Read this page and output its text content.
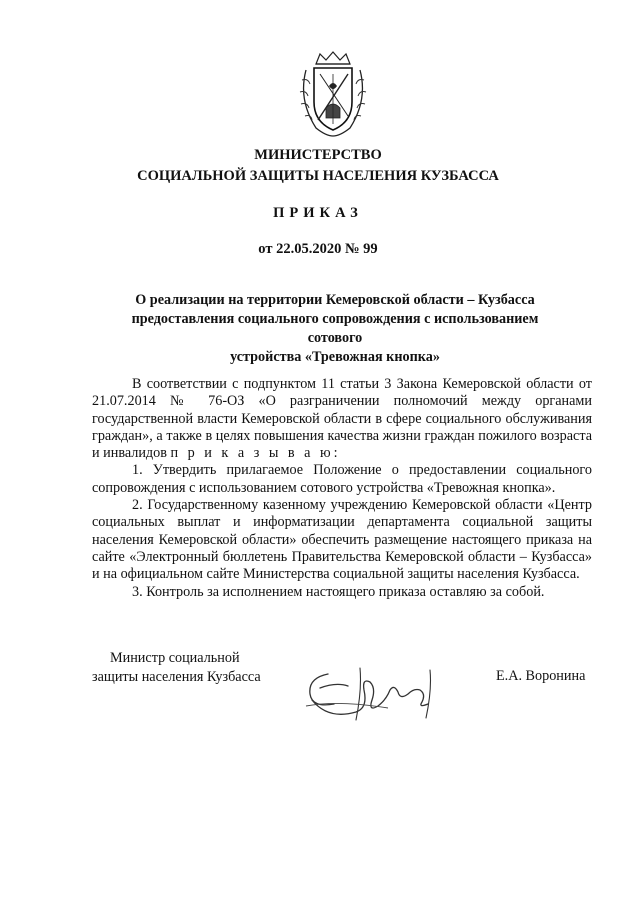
МИНИСТЕРСТВО
СОЦИАЛЬНОЙ ЗАЩИТЫ НАСЕЛЕНИЯ КУЗБАССА
ПРИКАЗ
от 22.05.2020 № 99
О реализации на территории Кемеровской области – Кузбасса
предоставления социального сопровождения с использованием сотового
устройства «Тревожная кнопка»

В соответствии с подпунктом 11 статьи 3 Закона Кемеровской области от 21.07.2014 № 76-ОЗ «О разграничении полномочий между органами государственной власти Кемеровской области в сфере социального обслуживания граждан», а также в целях повышения качества жизни граждан пожилого возраста и инвалидов п р и к а з ы в а ю:

1. Утвердить прилагаемое Положение о предоставлении социального сопровождения с использованием сотового устройства «Тревожная кнопка».

2. Государственному казенному учреждению Кемеровской области «Центр социальных выплат и информатизации департамента социальной защиты населения Кемеровской области» обеспечить размещение настоящего приказа на сайте «Электронный бюллетень Правительства Кемеровской области – Кузбасса» и на официальном сайте Министерства социальной защиты населения Кузбасса.

3. Контроль за исполнением настоящего приказа оставляю за собой.

Министр социальной
защиты населения Кузбасса	Е.А. Воронина
